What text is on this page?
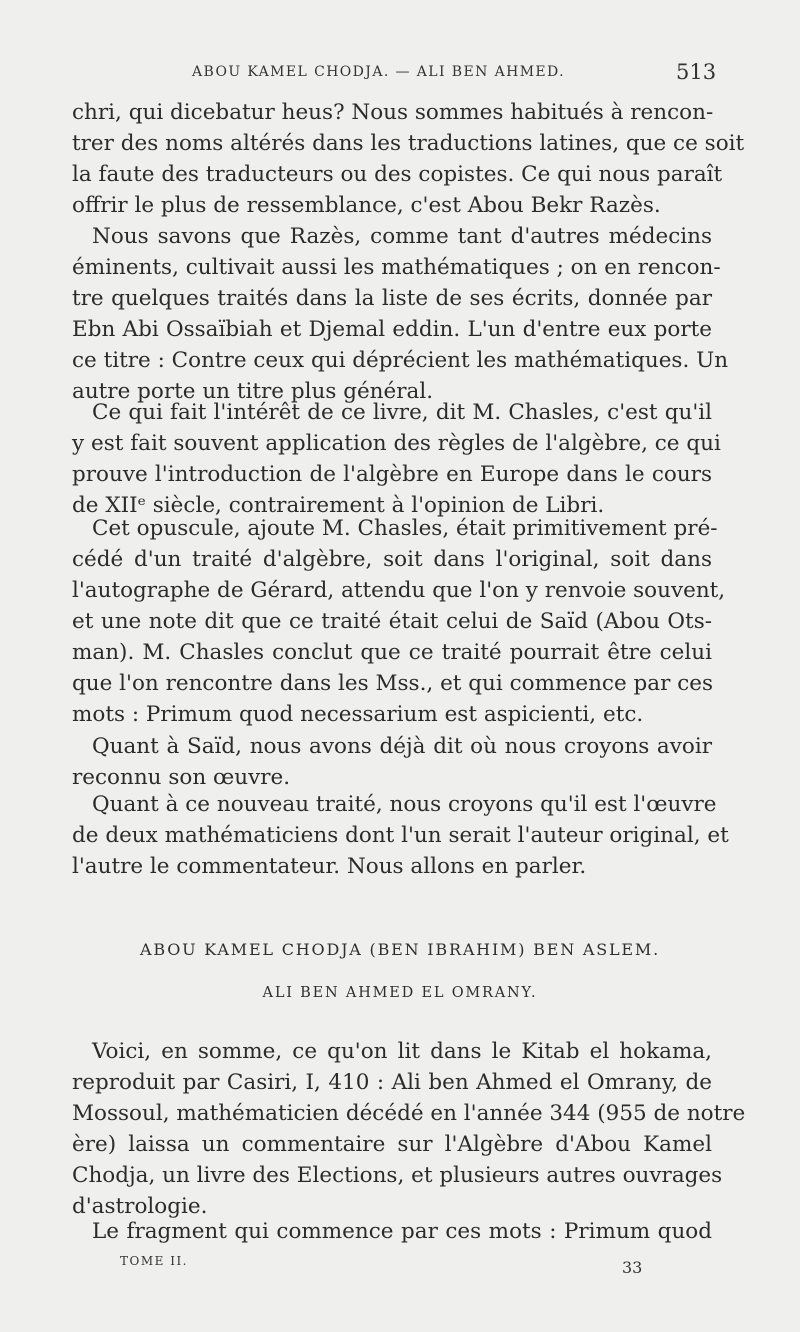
ABOU KAMEL CHODJA. — ALI BEN AHMED.	513
chri, qui dicebatur heus? Nous sommes habitués à rencon-
trer des noms altérés dans les traductions latines, que ce soit
la faute des traducteurs ou des copistes. Ce qui nous paraît
offrir le plus de ressemblance, c'est Abou Bekr Razès.
Nous savons que Razès, comme tant d'autres médecins
éminents, cultivait aussi les mathématiques ; on en rencon-
tre quelques traités dans la liste de ses écrits, donnée par
Ebn Abi Ossaïbiah et Djemal eddin. L'un d'entre eux porte
ce titre : Contre ceux qui déprécient les mathématiques. Un
autre porte un titre plus général.
Ce qui fait l'intérêt de ce livre, dit M. Chasles, c'est qu'il
y est fait souvent application des règles de l'algèbre, ce qui
prouve l'introduction de l'algèbre en Europe dans le cours
de XIIᵉ siècle, contrairement à l'opinion de Libri.
Cet opuscule, ajoute M. Chasles, était primitivement pré-
cédé d'un traité d'algèbre, soit dans l'original, soit dans
l'autographe de Gérard, attendu que l'on y renvoie souvent,
et une note dit que ce traité était celui de Saïd (Abou Ots-
man). M. Chasles conclut que ce traité pourrait être celui
que l'on rencontre dans les Mss., et qui commence par ces
mots : Primum quod necessarium est aspicienti, etc.
Quant à Saïd, nous avons déjà dit où nous croyons avoir
reconnu son œuvre.
Quant à ce nouveau traité, nous croyons qu'il est l'œuvre
de deux mathématiciens dont l'un serait l'auteur original, et
l'autre le commentateur. Nous allons en parler.
ABOU KAMEL CHODJA (BEN IBRAHIM) BEN ASLEM.
ALI BEN AHMED EL OMRANY.
Voici, en somme, ce qu'on lit dans le Kitab el hokama,
reproduit par Casiri, I, 410 : Ali ben Ahmed el Omrany, de
Mossoul, mathématicien décédé en l'année 344 (955 de notre
ère) laissa un commentaire sur l'Algèbre d'Abou Kamel
Chodja, un livre des Elections, et plusieurs autres ouvrages
d'astrologie.
Le fragment qui commence par ces mots : Primum quod
TOME II.	33
